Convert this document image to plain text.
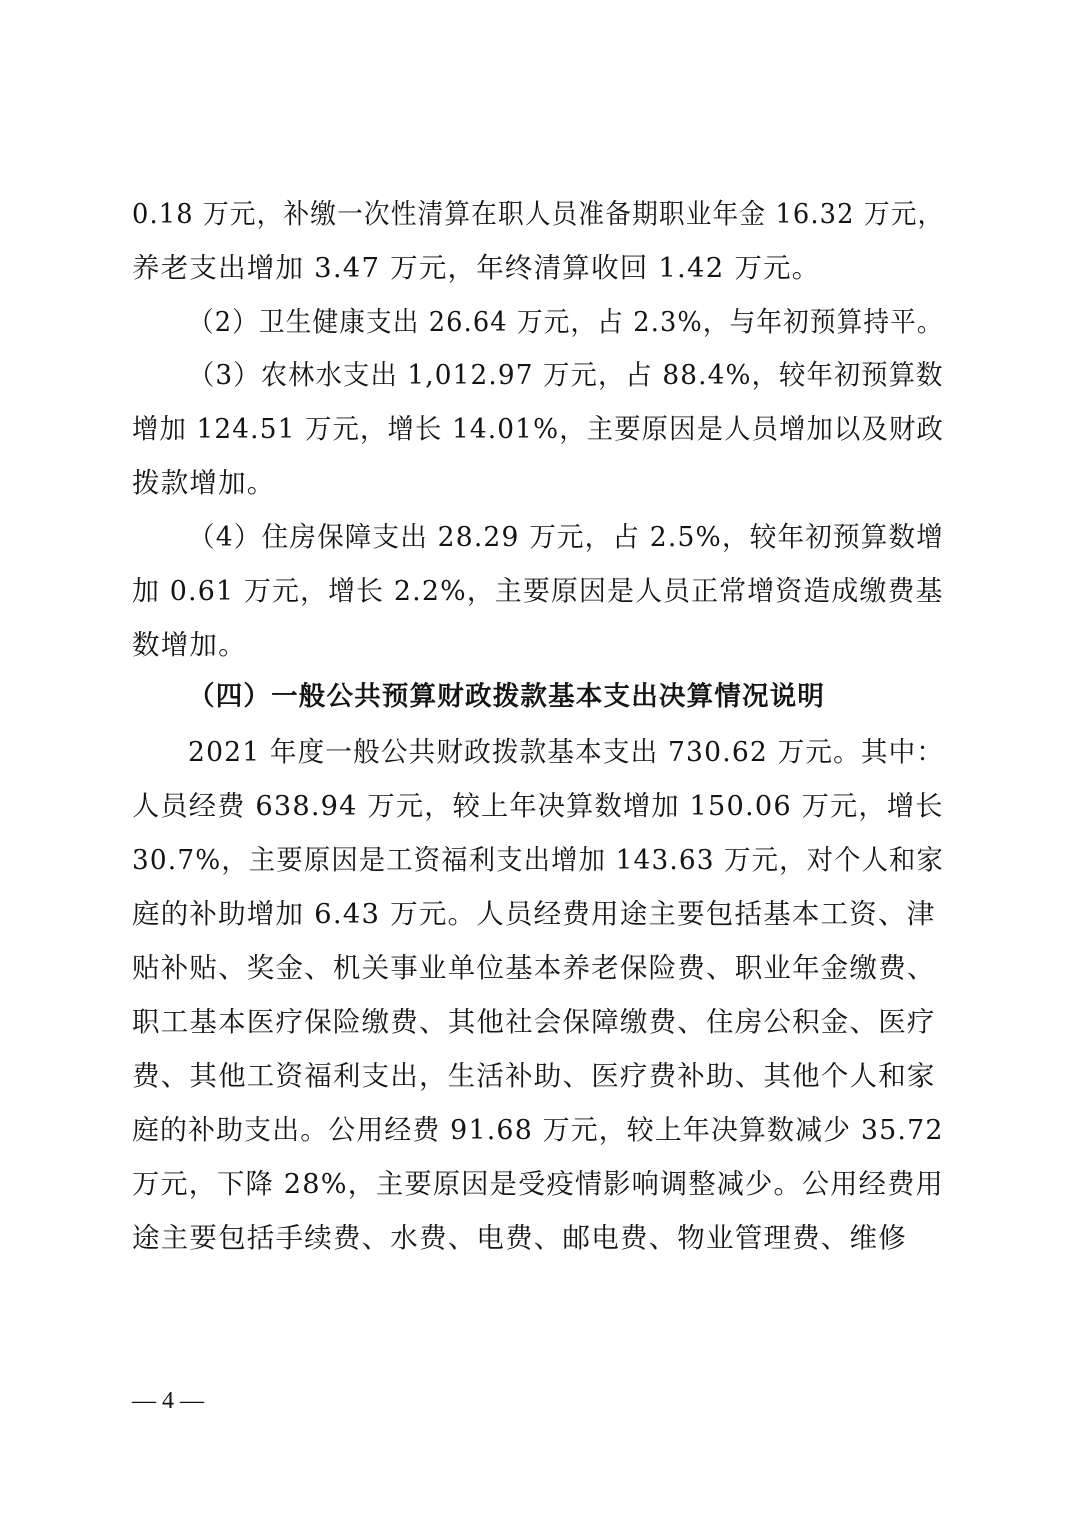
0.18 万元，补缴一次性清算在职人员准备期职业年金 16.32 万元，
养老支出增加 3.47 万元，年终清算收回 1.42 万元。
（2）卫生健康支出 26.64 万元，占 2.3%，与年初预算持平。
（3）农林水支出 1,012.97 万元，占 88.4%，较年初预算数
增加 124.51 万元，增长 14.01%，主要原因是人员增加以及财政
拨款增加。
（4）住房保障支出 28.29 万元，占 2.5%，较年初预算数增
加 0.61 万元，增长 2.2%，主要原因是人员正常增资造成缴费基
数增加。
（四）一般公共预算财政拨款基本支出决算情况说明
2021 年度一般公共财政拨款基本支出 730.62 万元。其中：
人员经费 638.94 万元，较上年决算数增加 150.06 万元，增长
30.7%，主要原因是工资福利支出增加 143.63 万元，对个人和家
庭的补助增加 6.43 万元。人员经费用途主要包括基本工资、津
贴补贴、奖金、机关事业单位基本养老保险费、职业年金缴费、
职工基本医疗保险缴费、其他社会保障缴费、住房公积金、医疗
费、其他工资福利支出，生活补助、医疗费补助、其他个人和家
庭的补助支出。公用经费 91.68 万元，较上年决算数减少 35.72
万元，下降 28%，主要原因是受疫情影响调整减少。公用经费用
途主要包括手续费、水费、电费、邮电费、物业管理费、维修
— 4 —
